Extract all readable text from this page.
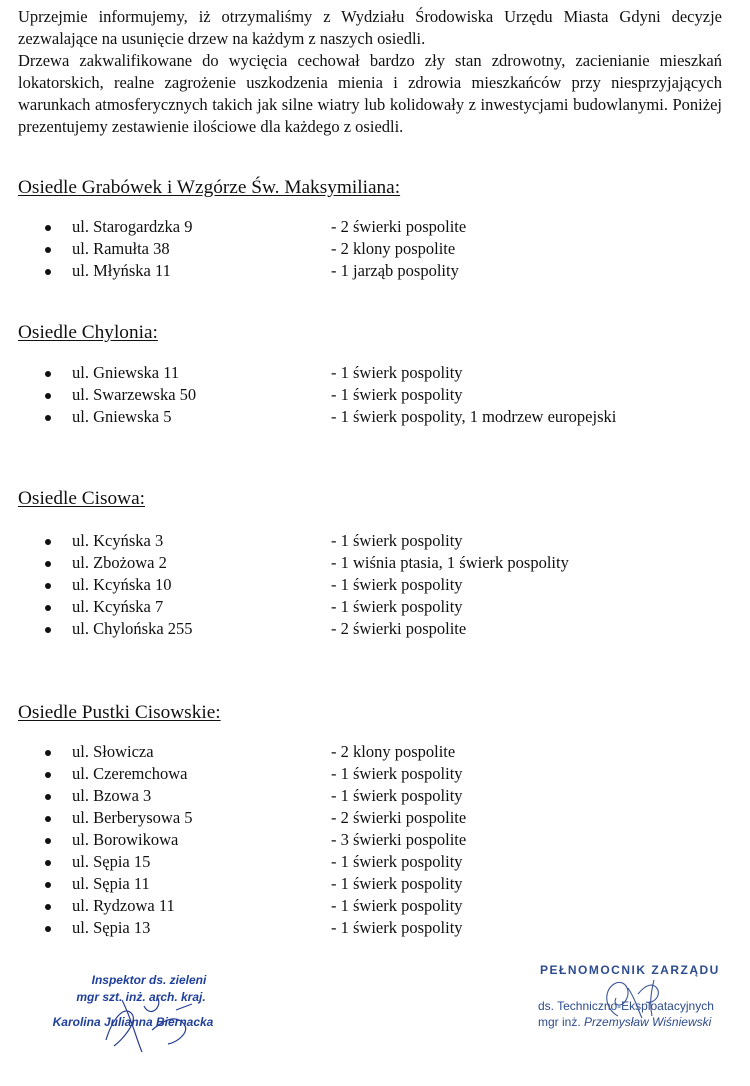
Uprzejmie informujemy, iż otrzymaliśmy z Wydziału Środowiska Urzędu Miasta Gdyni decyzje zezwalające na usunięcie drzew na każdym z naszych osiedli.

Drzewa zakwalifikowane do wycięcia cechował bardzo zły stan zdrowotny, zacienianie mieszkań lokatorskich, realne zagrożenie uszkodzenia mienia i zdrowia mieszkańców przy niesprzyjających warunkach atmosferycznych takich jak silne wiatry lub kolidowały z inwestycjami budowlanymi. Poniżej prezentujemy zestawienie ilościowe dla każdego z osiedli.

Osiedle Grabówek i Wzgórze Św. Maksymiliana:
ul. Starogardzka 9	- 2 świerki pospolite
ul. Ramułta 38	- 2 klony pospolite
ul. Młyńska 11	- 1 jarząb pospolity
Osiedle Chylonia:
ul. Gniewska 11	- 1 świerk pospolity
ul. Swarzewska 50	- 1 świerk pospolity
ul. Gniewska 5	- 1 świerk pospolity, 1 modrzew europejski
Osiedle Cisowa:
ul. Kcyńska 3	- 1 świerk pospolity
ul. Zbożowa 2	- 1 wiśnia ptasia, 1 świerk pospolity
ul. Kcyńska 10	- 1 świerk pospolity
ul. Kcyńska 7	- 1 świerk pospolity
ul. Chylońska 255	- 2 świerki pospolite
Osiedle Pustki Cisowskie:
ul. Słowicza	- 2 klony pospolite
ul. Czeremchowa	- 1 świerk pospolity
ul. Bzowa 3	- 1 świerk pospolity
ul. Berberysowa 5	- 2 świerki pospolite
ul. Borowikowa	- 3 świerki pospolite
ul. Sępia 15	- 1 świerk pospolity
ul. Sępia 11	- 1 świerk pospolity
ul. Rydzowa 11	- 1 świerk pospolity
ul. Sępia 13	- 1 świerk pospolity
Inspektor ds. zieleni
mgr szt. inż. arch. kraj.
Karolina Julianna Biernacka
PEŁNOMOCNIK ZARZĄDU
ds. Techniczno-Eksploatacyjnych
mgr inż. Przemysław Wiśniewski
